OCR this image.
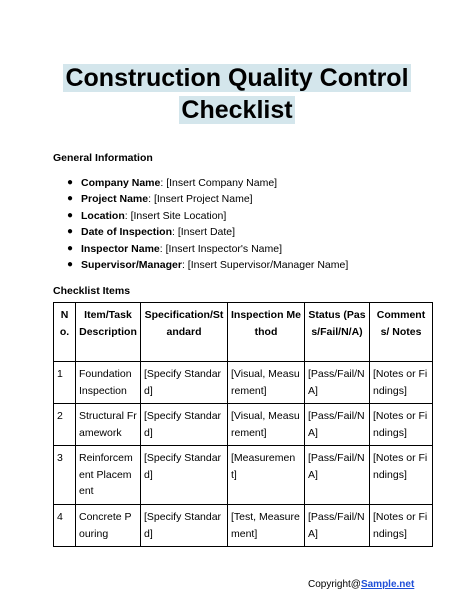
Construction Quality Control
Checklist
General Information
● Company Name: [Insert Company Name]
● Project Name: [Insert Project Name]
● Location: [Insert Site Location]
● Date of Inspection: [Insert Date]
● Inspector Name: [Insert Inspector's Name]
● Supervisor/Manager: [Insert Supervisor/Manager Name]
Checklist Items
No.	Item/Task Description	Specification/Standard	Inspection Method	Status (Pass/Fail/N/A)	Comments/ Notes
1	Foundation Inspection	[Specify Standard]	[Visual, Measurement]	[Pass/Fail/NA]	[Notes or Findings]
2	Structural Framework	[Specify Standard]	[Visual, Measurement]	[Pass/Fail/NA]	[Notes or Findings]
3	Reinforcement Placement	[Specify Standard]	[Measurement]	[Pass/Fail/NA]	[Notes or Findings]
4	Concrete Pouring	[Specify Standard]	[Test, Measurement]	[Pass/Fail/NA]	[Notes or Findings]
Copyright@Sample.net
